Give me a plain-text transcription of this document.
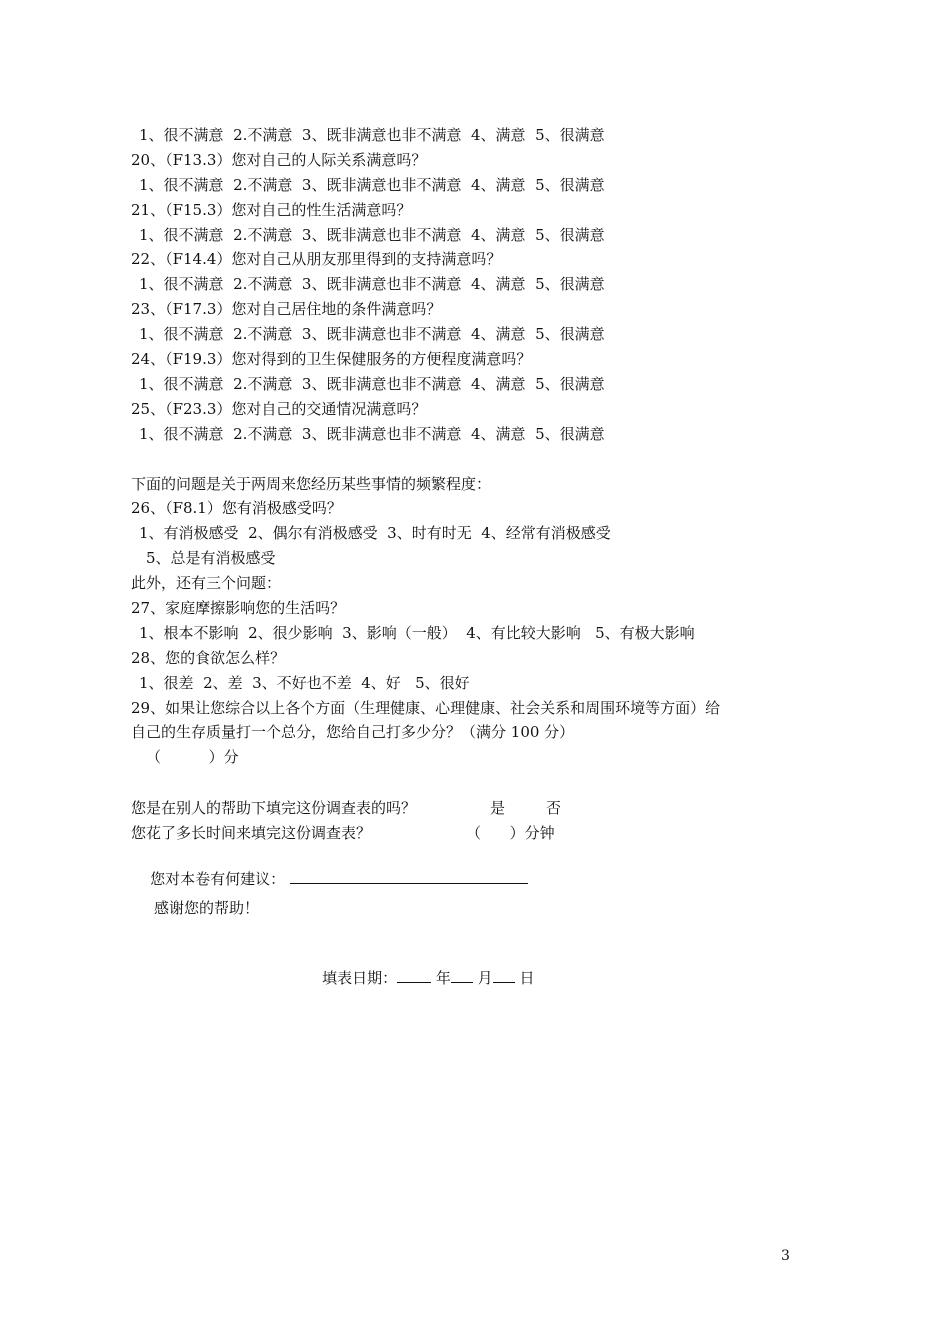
1、很不满意  2.不满意  3、既非满意也非不满意  4、满意  5、很满意
20、（F13.3）您对自己的人际关系满意吗？
1、很不满意  2.不满意  3、既非满意也非不满意  4、满意  5、很满意
21、（F15.3）您对自己的性生活满意吗？
1、很不满意  2.不满意  3、既非满意也非不满意  4、满意  5、很满意
22、（F14.4）您对自己从朋友那里得到的支持满意吗？
1、很不满意  2.不满意  3、既非满意也非不满意  4、满意  5、很满意
23、（F17.3）您对自己居住地的条件满意吗？
1、很不满意  2.不满意  3、既非满意也非不满意  4、满意  5、很满意
24、（F19.3）您对得到的卫生保健服务的方便程度满意吗？
1、很不满意  2.不满意  3、既非满意也非不满意  4、满意  5、很满意
25、（F23.3）您对自己的交通情况满意吗？
1、很不满意  2.不满意  3、既非满意也非不满意  4、满意  5、很满意
下面的问题是关于两周来您经历某些事情的频繁程度：
26、（F8.1）您有消极感受吗？
1、有消极感受  2、偶尔有消极感受  3、时有时无  4、经常有消极感受
5、总是有消极感受
此外，还有三个问题：
27、家庭摩擦影响您的生活吗？
1、根本不影响  2、很少影响  3、影响（一般）  4、有比较大影响   5、有极大影响
28、您的食欲怎么样？
1、很差  2、差  3、不好也不差  4、好   5、很好
29、如果让您综合以上各个方面（生理健康、心理健康、社会关系和周围环境等方面）给
自己的生存质量打一个总分，您给自己打多少分？（满分 100 分）
（          ）分
您是在别人的帮助下填完这份调查表的吗？	是	否
您花了多长时间来填完这份调查表？	（      ）分钟

您对本卷有何建议：

感谢您的帮助！

填表日期：	年 月 日

3
